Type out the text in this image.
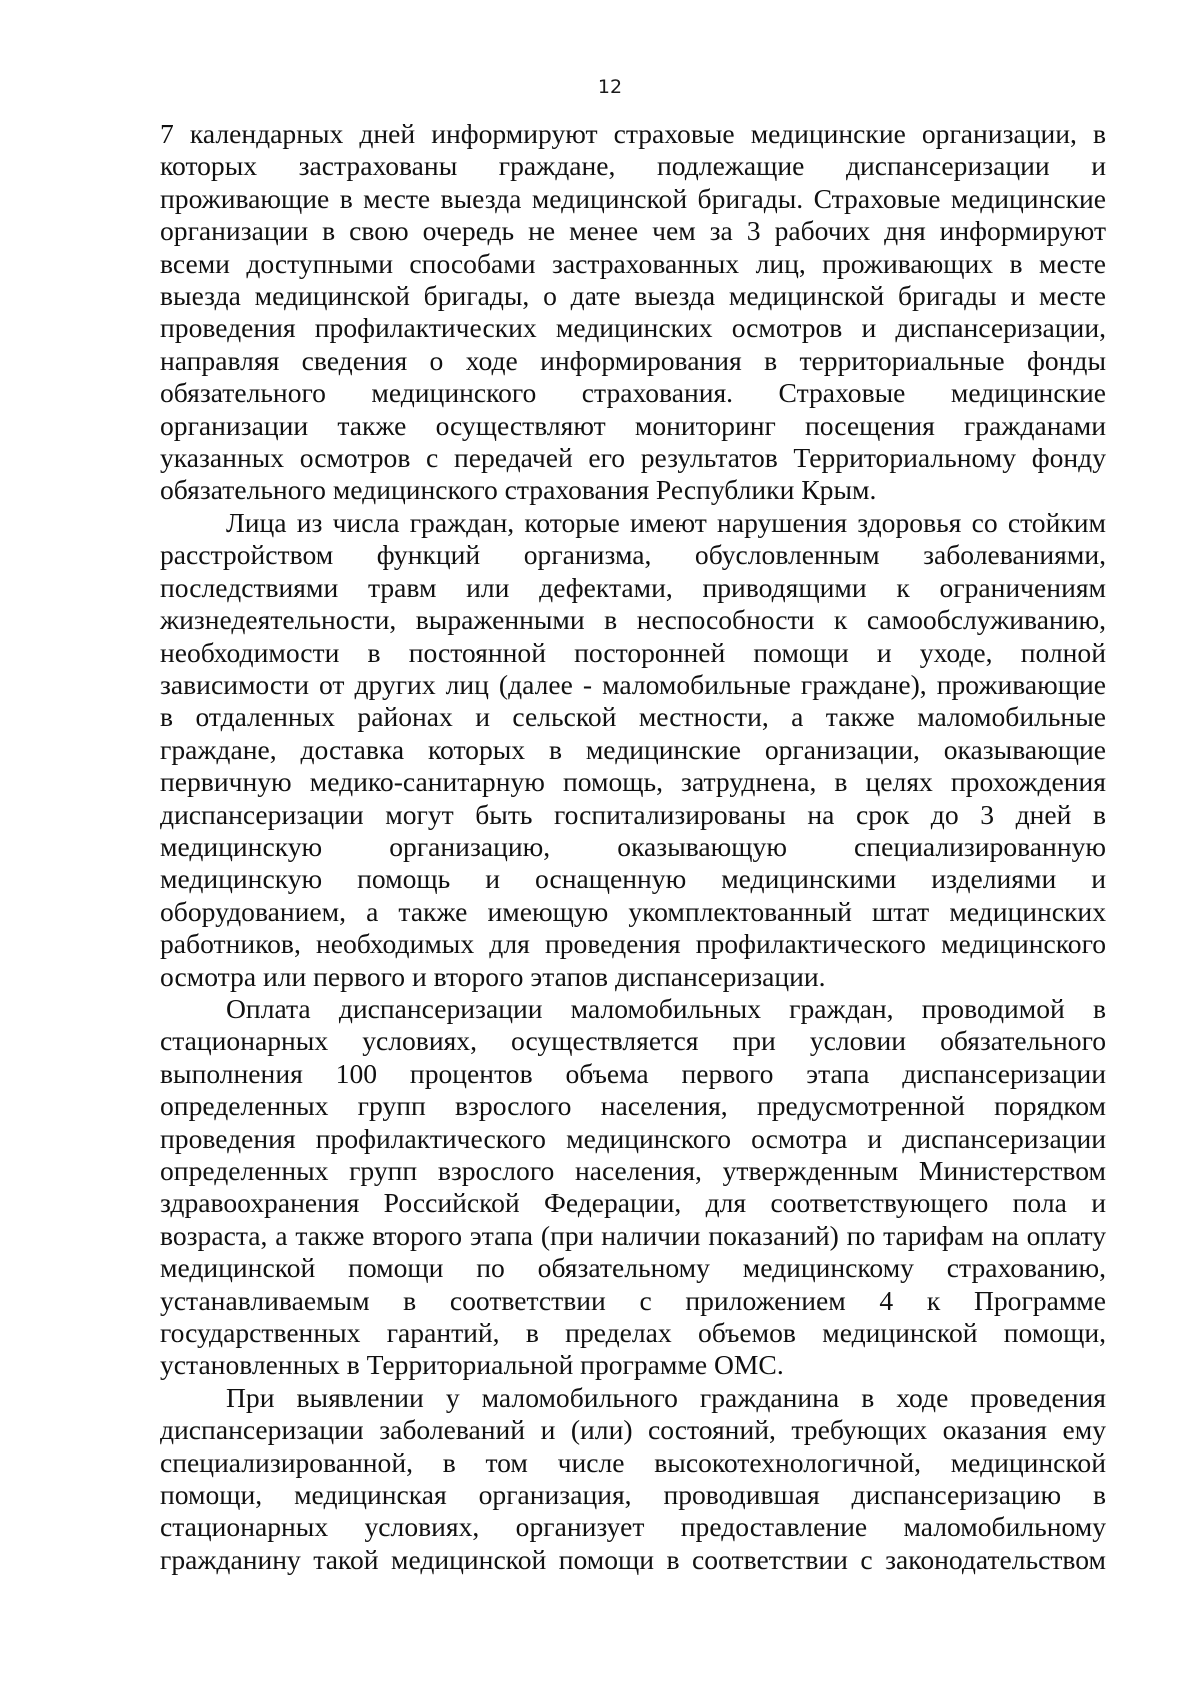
12
7 календарных дней информируют страховые медицинские организации, в
которых застрахованы граждане, подлежащие диспансеризации и
проживающие в месте выезда медицинской бригады. Страховые медицинские
организации в свою очередь не менее чем за 3 рабочих дня информируют
всеми доступными способами застрахованных лиц, проживающих в месте
выезда медицинской бригады, о дате выезда медицинской бригады и месте
проведения профилактических медицинских осмотров и диспансеризации,
направляя сведения о ходе информирования в территориальные фонды
обязательного медицинского страхования. Страховые медицинские
организации также осуществляют мониторинг посещения гражданами
указанных осмотров с передачей его результатов Территориальному фонду
обязательного медицинского страхования Республики Крым.
Лица из числа граждан, которые имеют нарушения здоровья со стойким
расстройством функций организма, обусловленным заболеваниями,
последствиями травм или дефектами, приводящими к ограничениям
жизнедеятельности, выраженными в неспособности к самообслуживанию,
необходимости в постоянной посторонней помощи и уходе, полной
зависимости от других лиц (далее - маломобильные граждане), проживающие
в отдаленных районах и сельской местности, а также маломобильные
граждане, доставка которых в медицинские организации, оказывающие
первичную медико-санитарную помощь, затруднена, в целях прохождения
диспансеризации могут быть госпитализированы на срок до 3 дней в
медицинскую организацию, оказывающую специализированную
медицинскую помощь и оснащенную медицинскими изделиями и
оборудованием, а также имеющую укомплектованный штат медицинских
работников, необходимых для проведения профилактического медицинского
осмотра или первого и второго этапов диспансеризации.
Оплата диспансеризации маломобильных граждан, проводимой в
стационарных условиях, осуществляется при условии обязательного
выполнения 100 процентов объема первого этапа диспансеризации
определенных групп взрослого населения, предусмотренной порядком
проведения профилактического медицинского осмотра и диспансеризации
определенных групп взрослого населения, утвержденным Министерством
здравоохранения Российской Федерации, для соответствующего пола и
возраста, а также второго этапа (при наличии показаний) по тарифам на оплату
медицинской помощи по обязательному медицинскому страхованию,
устанавливаемым в соответствии с приложением 4 к Программе
государственных гарантий, в пределах объемов медицинской помощи,
установленных в Территориальной программе ОМС.
При выявлении у маломобильного гражданина в ходе проведения
диспансеризации заболеваний и (или) состояний, требующих оказания ему
специализированной, в том числе высокотехнологичной, медицинской
помощи, медицинская организация, проводившая диспансеризацию в
стационарных условиях, организует предоставление маломобильному
гражданину такой медицинской помощи в соответствии с законодательством
